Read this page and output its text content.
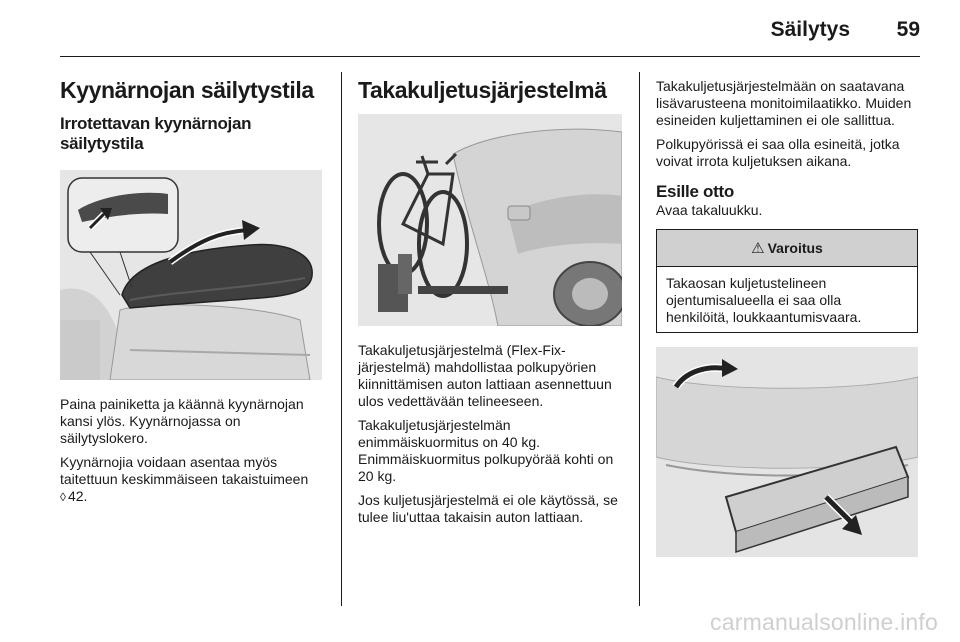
Säilytys	59
Kyynärnojan säilytystila
Irrotettavan kyynärnojan säilytystila

Paina painiketta ja käännä kyynärnojan kansi ylös. Kyynärnojassa on säilytyslokero.

Kyynärnojia voidaan asentaa myös taitettuun keskimmäiseen takaistuimeen ◊ 42.

Takakuljetusjärjestelmä

Takakuljetusjärjestelmä (Flex-Fix-järjestelmä) mahdollistaa polkupyörien kiinnittämisen auton lattiaan asennettuun ulos vedettävään telineeseen.

Takakuljetusjärjestelmän enimmäiskuormitus on 40 kg. Enimmäiskuormitus polkupyörää kohti on 20 kg.

Jos kuljetusjärjestelmä ei ole käytössä, se tulee liu'uttaa takaisin auton lattiaan.

Takakuljetusjärjestelmään on saatavana lisävarusteena monitoimilaatikko. Muiden esineiden kuljettaminen ei ole sallittua.

Polkupyörissä ei saa olla esineitä, jotka voivat irrota kuljetuksen aikana.

Esille otto

Avaa takaluukku.

⚠ Varoitus
Takaosan kuljetustelineen ojentumisalueella ei saa olla henkilöitä, loukkaantumisvaara.
carmanualsonline.info
